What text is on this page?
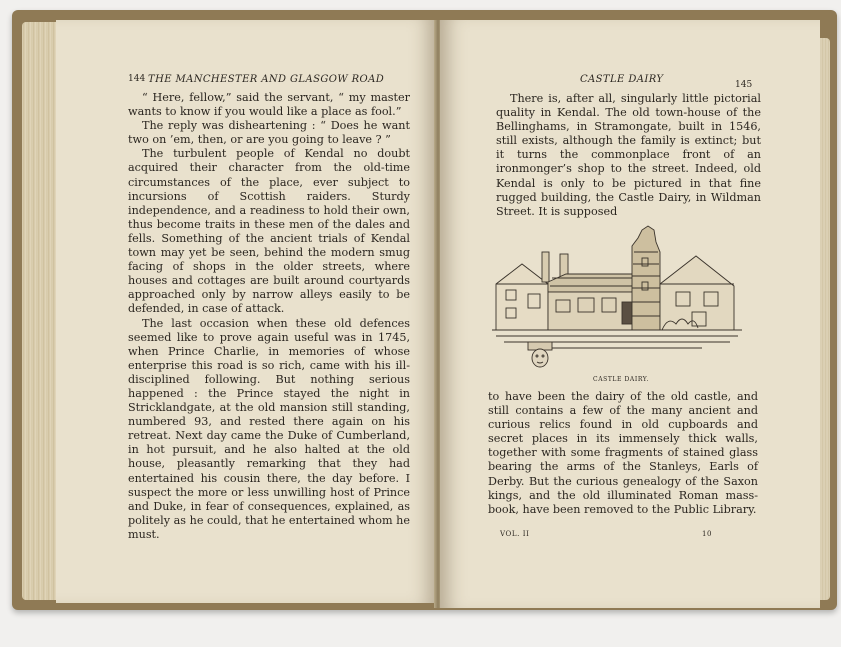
144 THE MANCHESTER AND GLASGOW ROAD

“ Here, fellow,” said the servant, “ my master wants to know if you would like a place as fool.”

The reply was disheartening : “ Does he want two on ’em, then, or are you going to leave ? ”

The turbulent people of Kendal no doubt acquired their character from the old-time circumstances of the place, ever subject to incursions of Scottish raiders. Sturdy independence, and a readiness to hold their own, thus become traits in these men of the dales and fells. Something of the ancient trials of Kendal town may yet be seen, behind the modern smug facing of shops in the older streets, where houses and cottages are built around courtyards approached only by narrow alleys easily to be defended, in case of attack.

The last occasion when these old defences seemed like to prove again useful was in 1745, when Prince Charlie, in memories of whose enterprise this road is so rich, came with his ill-disciplined following. But nothing serious happened : the Prince stayed the night in Stricklandgate, at the old mansion still standing, numbered 93, and rested there again on his retreat. Next day came the Duke of Cumberland, in hot pursuit, and he also halted at the old house, pleasantly remarking that they had entertained his cousin there, the day before. I suspect the more or less unwilling host of Prince and Duke, in fear of consequences, explained, as politely as he could, that he entertained whom he must.

CASTLE DAIRY	145

There is, after all, singularly little pictorial quality in Kendal. The old town-house of the Bellinghams, in Stramongate, built in 1546, still exists, although the family is extinct; but it turns the commonplace front of an ironmonger’s shop to the street. Indeed, old Kendal is only to be pictured in that fine rugged building, the Castle Dairy, in Wildman Street. It is supposed

CASTLE DAIRY.

to have been the dairy of the old castle, and still contains a few of the many ancient and curious relics found in old cupboards and secret places in its immensely thick walls, together with some fragments of stained glass bearing the arms of the Stanleys, Earls of Derby. But the curious genealogy of the Saxon kings, and the old illuminated Roman mass-book, have been removed to the Public Library.

VOL. II	10
